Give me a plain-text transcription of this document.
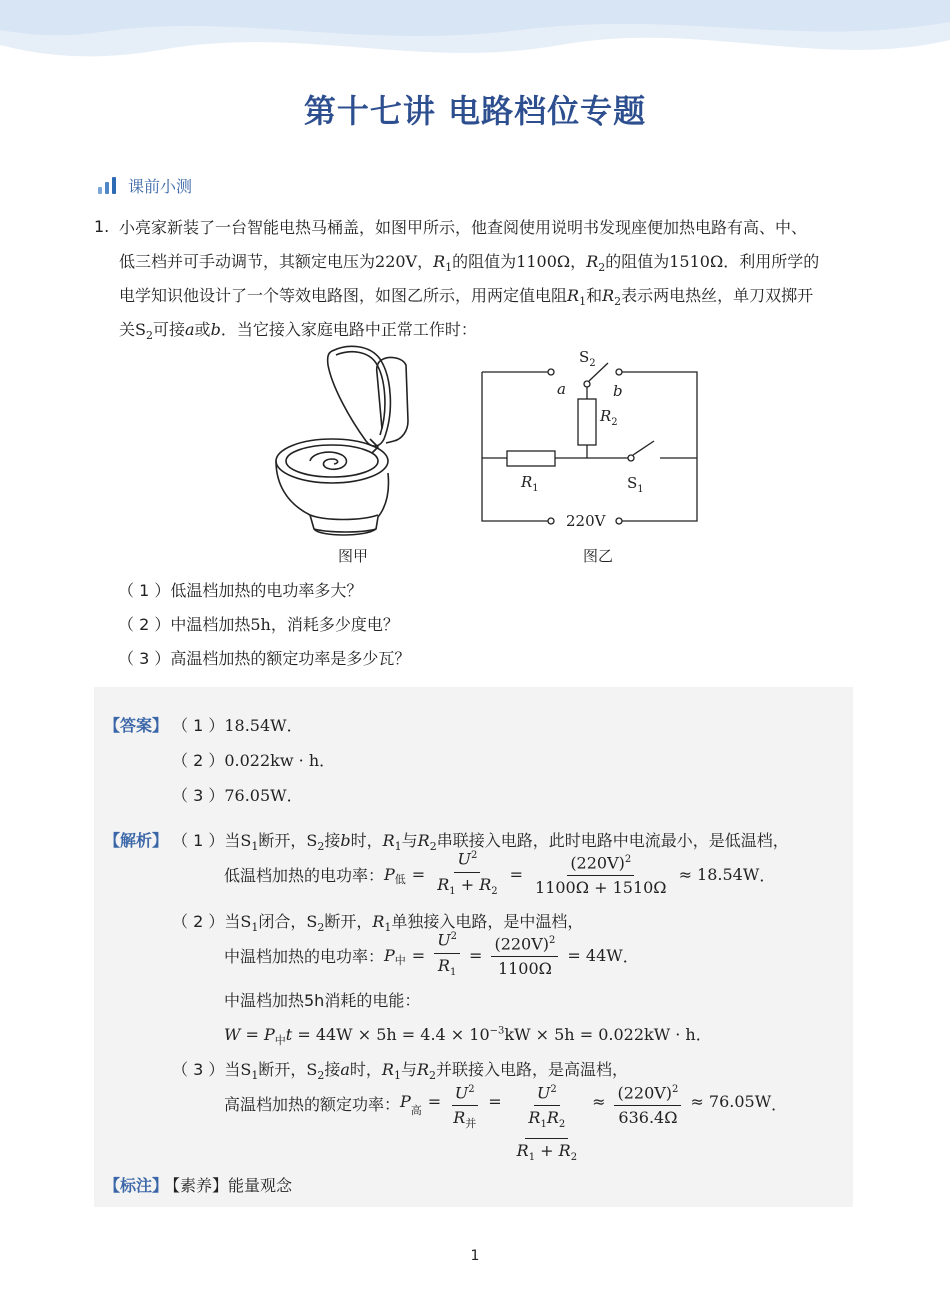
第十七讲 电路档位专题
课前小测
1. 小亮家新装了一台智能电热马桶盖，如图甲所示，他查阅使用说明书发现座便加热电路有高、中、
低三档并可手动调节，其额定电压为220V，$R_1$的阻值为1100Ω，$R_2$的阻值为1510Ω．利用所学的
电学知识他设计了一个等效电路图，如图乙所示，用两定值电阻$R_1$和$R_2$表示两电热丝，单刀双掷开
关$S_2$可接a或b．当它接入家庭电路中正常工作时：
图甲
$S_2$
a	b
$R_2$
$R_1$	$S_1$
220V
图乙
（ 1 ）低温档加热的电功率多大？
（ 2 ）中温档加热5h，消耗多少度电？
（ 3 ）高温档加热的额定功率是多少瓦？
【答案】 （ 1 ）18.54W．
（ 2 ）0.022kw · h．
（ 3 ）76.05W．
【解析】 （ 1 ）当$S_1$断开，$S_2$接b时，$R_1$与$R_2$串联接入电路，此时电路中电流最小，是低温档，
低温档加热的电功率： $P_低 = \frac{U^2}{R_1 + R_2} = \frac{(220V)^2}{1100\Omega + 1510\Omega} \approx 18.54W$ ．
（ 2 ）当$S_1$闭合，$S_2$断开，$R_1$单独接入电路，是中温档，
中温档加热的电功率： $P_中 = \frac{U^2}{R_1} = \frac{(220V)^2}{1100\Omega} = 44W$ ．
中温档加热5h消耗的电能：
$W = P_中t = 44W \times 5h = 4.4 \times 10^{-3}kW \times 5h = 0.022kW \cdot h$．
（ 3 ）当$S_1$断开，$S_2$接a时，$R_1$与$R_2$并联接入电路，是高温档，
高温档加热的额定功率： $P_高 = \frac{U^2}{R_并} = \frac{U^2}{\frac{R_1R_2}{R_1 + R_2}} \approx \frac{(220V)^2}{636.4\Omega} \approx 76.05W$ ．
【标注】
【素养】能量观念
1
